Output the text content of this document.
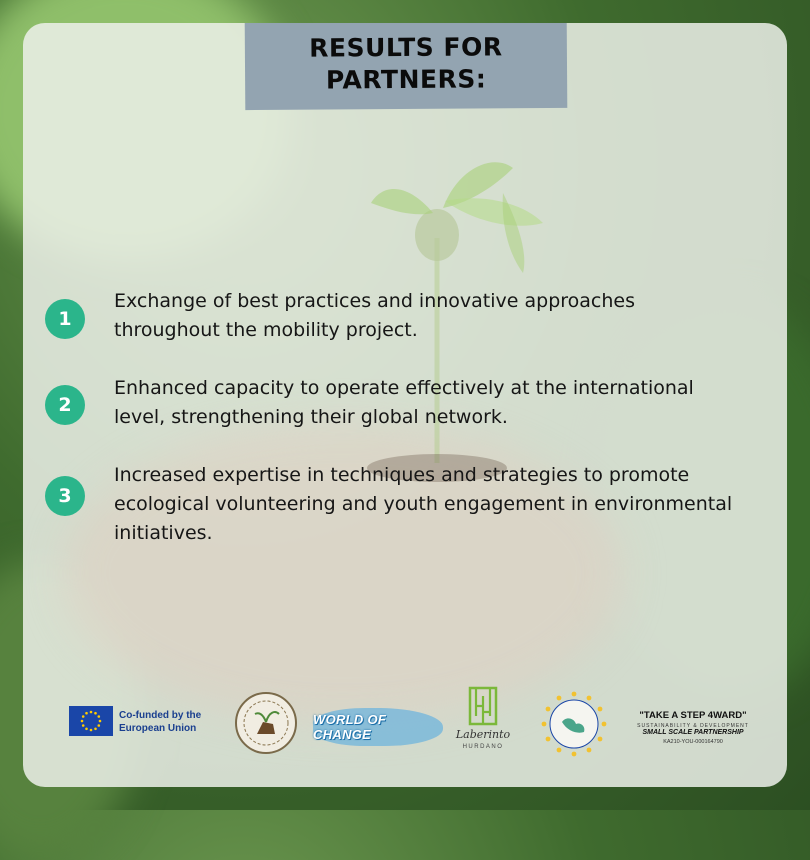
RESULTS FOR PARTNERS:
1

Exchange of best practices and innovative approaches throughout the mobility project.

2

Enhanced capacity to operate effectively at the international level, strengthening their global network.

3

Increased expertise in techniques and strategies to promote ecological volunteering and youth engagement in environmental initiatives.

Co-funded by the European Union
WORLD OF CHANGE	Laberinto
HURDANO
"TAKE A STEP 4WARD"
SUSTAINABILITY & DEVELOPMENT
SMALL SCALE PARTNERSHIP
KA210-YOU-000164790
